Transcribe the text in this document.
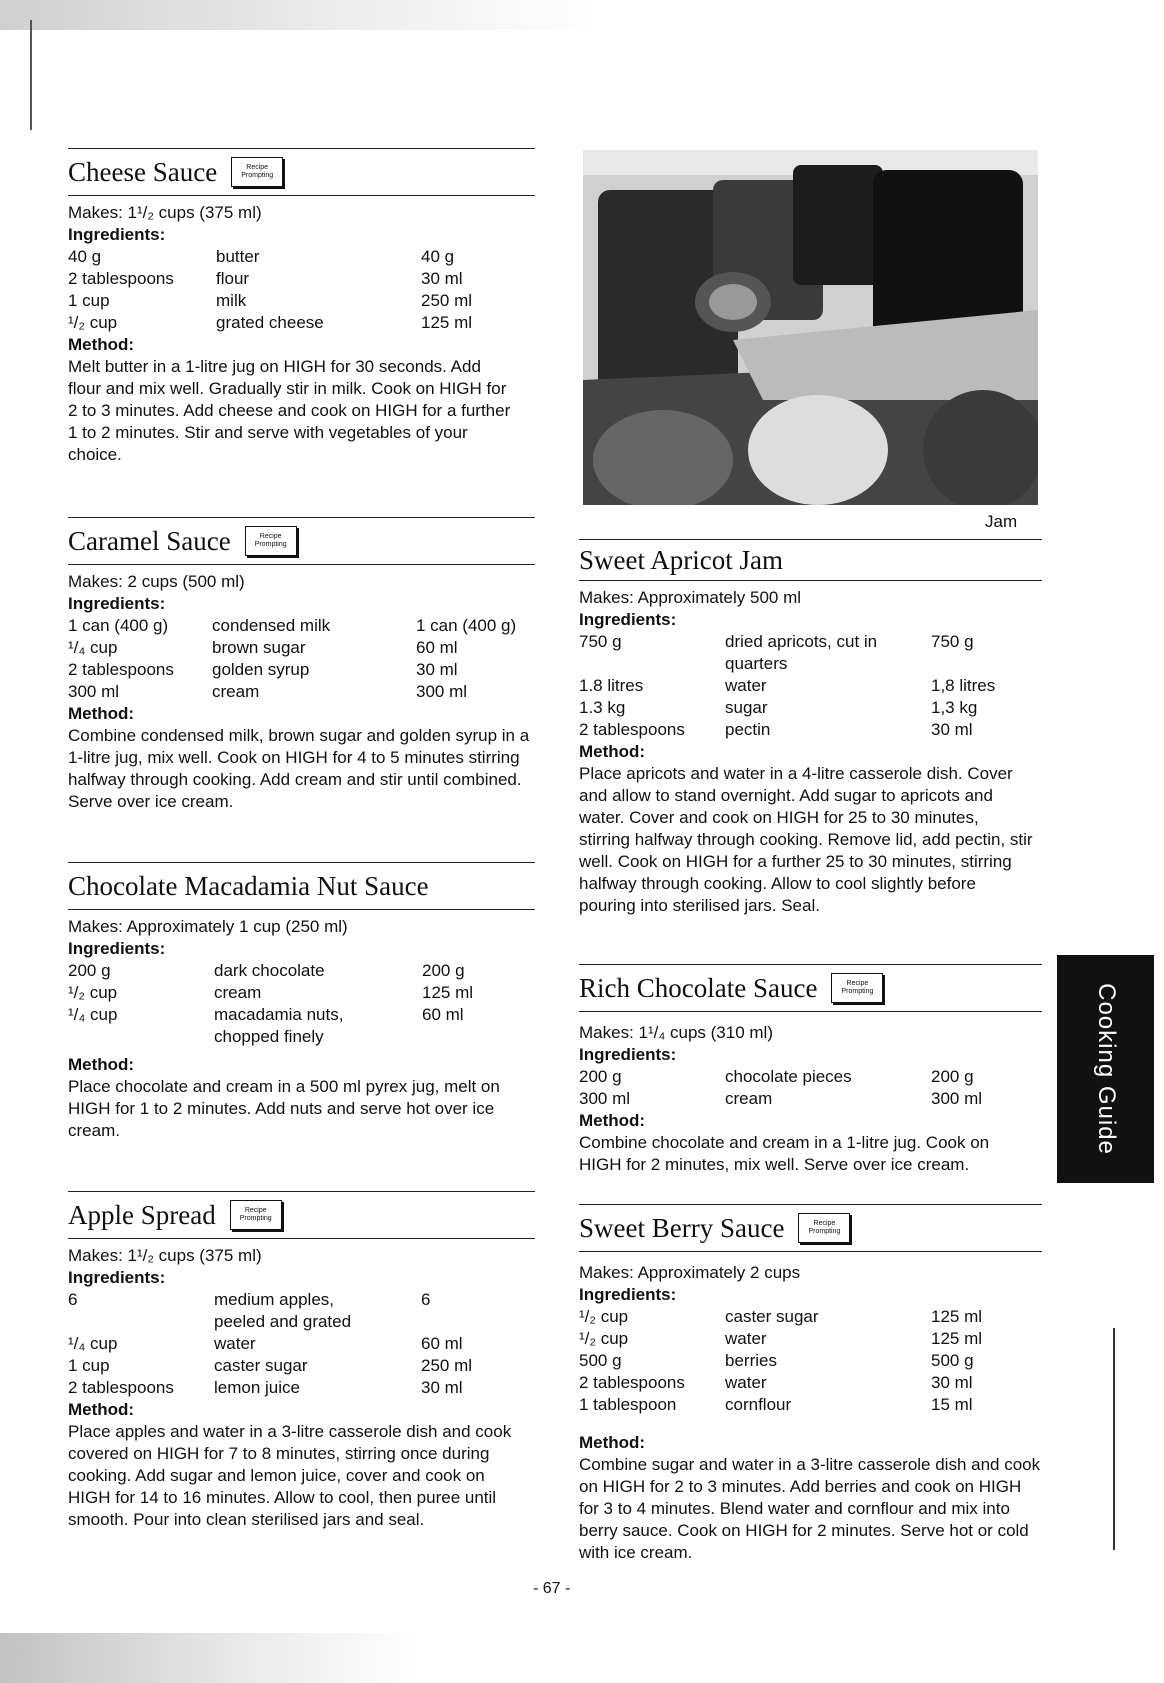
Cheese Sauce	Recipe
Prompting
Makes: 1¹/₂ cups (375 ml)
Ingredients:
40 g	butter	40 g
2 tablespoons	flour	30 ml
1 cup	milk	250 ml
¹/₂ cup	grated cheese	125 ml
Method:
Melt butter in a 1-litre jug on HIGH for 30 seconds. Add flour and mix well. Gradually stir in milk. Cook on HIGH for 2 to 3 minutes. Add cheese and cook on HIGH for a further 1 to 2 minutes. Stir and serve with vegetables of your choice.
Caramel Sauce	Recipe
Prompting
Makes: 2 cups (500 ml)
Ingredients:
1 can (400 g)	condensed milk	1 can (400 g)
¹/₄ cup	brown sugar	60 ml
2 tablespoons	golden syrup	30 ml
300 ml	cream	300 ml
Method:
Combine condensed milk, brown sugar and golden syrup in a 1-litre jug, mix well. Cook on HIGH for 4 to 5 minutes stirring halfway through cooking. Add cream and stir until combined. Serve over ice cream.
Chocolate Macadamia Nut Sauce
Makes: Approximately 1 cup (250 ml)
Ingredients:
200 g	dark chocolate	200 g
¹/₂ cup	cream	125 ml
¹/₄ cup	macadamia nuts,	60 ml
chopped finely
Method:
Place chocolate and cream in a 500 ml pyrex jug, melt on HIGH for 1 to 2 minutes. Add nuts and serve hot over ice cream.
Apple Spread	Recipe
Prompting
Makes: 1¹/₂ cups (375 ml)
Ingredients:
6	medium apples,	6
peeled and grated
¹/₄ cup	water	60 ml
1 cup	caster sugar	250 ml
2 tablespoons	lemon juice	30 ml
Method:
Place apples and water in a 3-litre casserole dish and cook covered on HIGH for 7 to 8 minutes, stirring once during cooking. Add sugar and lemon juice, cover and cook on HIGH for 14 to 16 minutes. Allow to cool, then puree until smooth. Pour into clean sterilised jars and seal.
Jam
Sweet Apricot Jam
Makes: Approximately 500 ml
Ingredients:
750 g	dried apricots, cut in	750 g
quarters
1.8 litres	water	1,8 litres
1.3 kg	sugar	1,3 kg
2 tablespoons	pectin	30 ml
Method:
Place apricots and water in a 4-litre casserole dish. Cover and allow to stand overnight. Add sugar to apricots and water. Cover and cook on HIGH for 25 to 30 minutes, stirring halfway through cooking. Remove lid, add pectin, stir well. Cook on HIGH for a further 25 to 30 minutes, stirring halfway through cooking. Allow to cool slightly before pouring into sterilised jars. Seal.
Rich Chocolate Sauce	Recipe
Prompting
Makes: 1¹/₄ cups (310 ml)
Ingredients:
200 g	chocolate pieces	200 g
300 ml	cream	300 ml
Method:
Combine chocolate and cream in a 1-litre jug. Cook on HIGH for 2 minutes, mix well. Serve over ice cream.
Sweet Berry Sauce	Recipe
Prompting
Makes: Approximately 2 cups
Ingredients:
¹/₂ cup	caster sugar	125 ml
¹/₂ cup	water	125 ml
500 g	berries	500 g
2 tablespoons	water	30 ml
1 tablespoon	cornflour	15 ml
Method:
Combine sugar and water in a 3-litre casserole dish and cook on HIGH for 2 to 3 minutes. Add berries and cook on HIGH for 3 to 4 minutes. Blend water and cornflour and mix into berry sauce. Cook on HIGH for 2 minutes. Serve hot or cold with ice cream.
Cooking Guide
- 67 -
